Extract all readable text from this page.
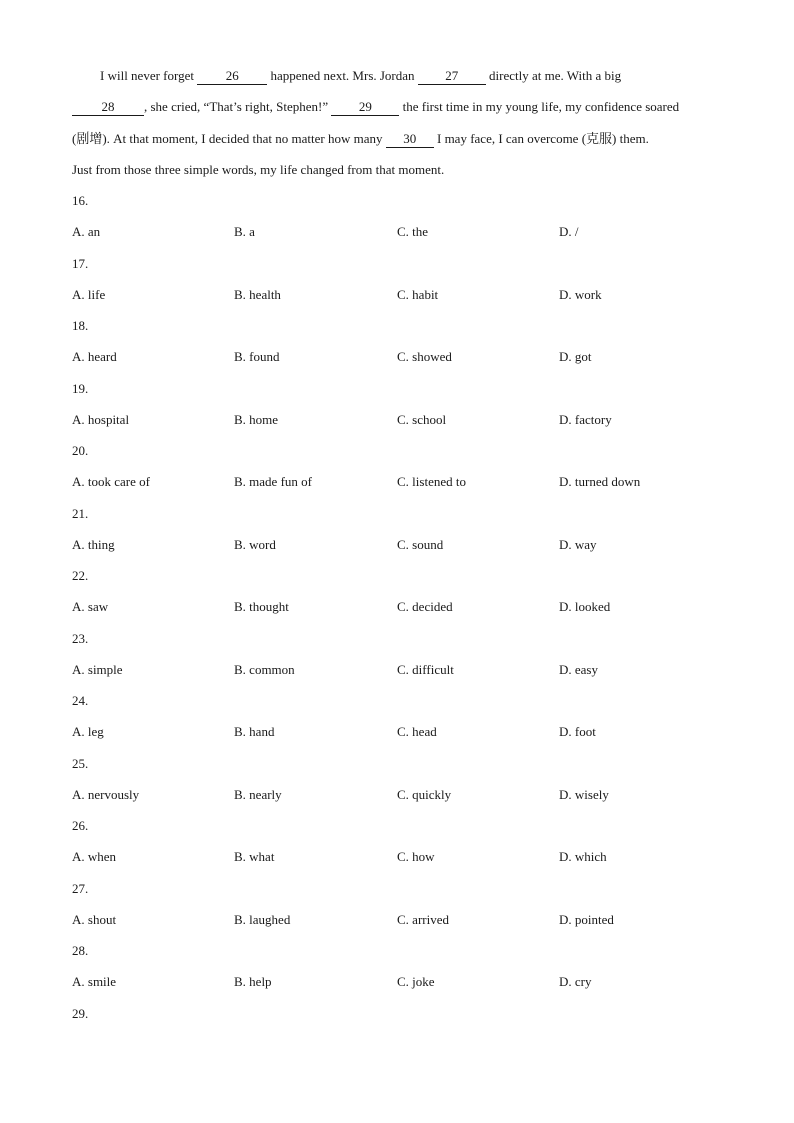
I will never forget 26 happened next. Mrs. Jordan 27 directly at me. With a big
28 , she cried, “That’s right, Stephen!” 29 the first time in my young life, my confidence soared
(剧增). At that moment, I decided that no matter how many 30 I may face, I can overcome (克服) them.
Just from those three simple words, my life changed from that moment.
16.
A. an	B. a	C. the	D. /
17.
A. life	B. health	C. habit	D. work
18.
A. heard	B. found	C. showed	D. got
19.
A. hospital	B. home	C. school	D. factory
20.
A. took care of	B. made fun of	C. listened to	D. turned down
21.
A. thing	B. word	C. sound	D. way
22.
A. saw	B. thought	C. decided	D. looked
23.
A. simple	B. common	C. difficult	D. easy
24.
A. leg	B. hand	C. head	D. foot
25.
A. nervously	B. nearly	C. quickly	D. wisely
26.
A. when	B. what	C. how	D. which
27.
A. shout	B. laughed	C. arrived	D. pointed
28.
A. smile	B. help	C. joke	D. cry
29.
